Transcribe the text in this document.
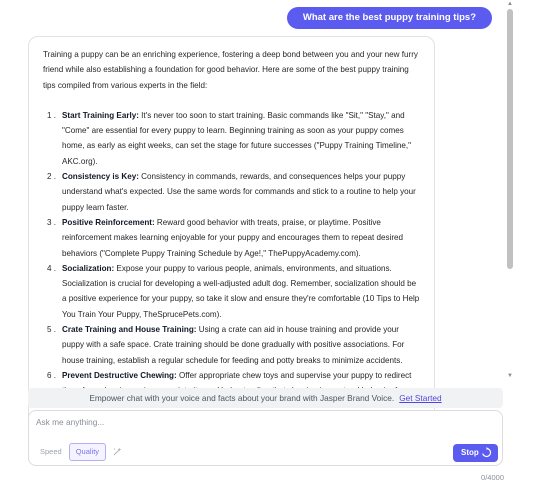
What are the best puppy training tips?

Training a puppy can be an enriching experience, fostering a deep bond between you and your new furry friend while also establishing a foundation for good behavior. Here are some of the best puppy training tips compiled from various experts in the field:

1 . Start Training Early: It's never too soon to start training. Basic commands like "Sit," "Stay," and "Come" are essential for every puppy to learn. Beginning training as soon as your puppy comes home, as early as eight weeks, can set the stage for future successes ("Puppy Training Timeline," AKC.org).
2 . Consistency is Key: Consistency in commands, rewards, and consequences helps your puppy understand what's expected. Use the same words for commands and stick to a routine to help your puppy learn faster.
3 . Positive Reinforcement: Reward good behavior with treats, praise, or playtime. Positive reinforcement makes learning enjoyable for your puppy and encourages them to repeat desired behaviors ("Complete Puppy Training Schedule by Age!," ThePuppyAcademy.com).
4 . Socialization: Expose your puppy to various people, animals, environments, and situations. Socialization is crucial for developing a well-adjusted adult dog. Remember, socialization should be a positive experience for your puppy, so take it slow and ensure they're comfortable (10 Tips to Help You Train Your Puppy, TheSprucePets.com).
5 . Crate Training and House Training: Using a crate can aid in house training and provide your puppy with a safe space. Crate training should be done gradually with positive associations. For house training, establish a regular schedule for feeding and potty breaks to minimize accidents.
6 . Prevent Destructive Chewing: Offer appropriate chew toys and supervise your puppy to redirect
▲
▼
Empower chat with your voice and facts about your brand with Jasper Brand Voice. Get Started
Ask me anything...
Speed	Quality	Stop
0/4000
